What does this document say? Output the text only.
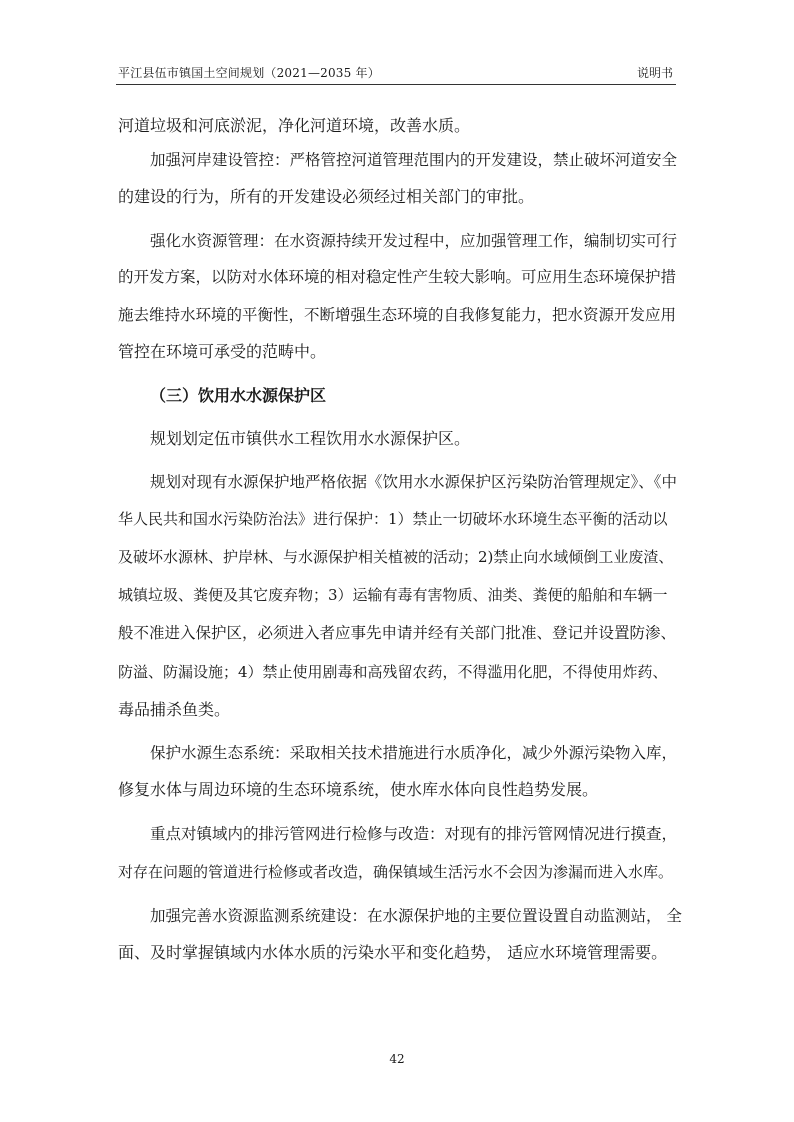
平江县伍市镇国土空间规划（2021—2035 年）	说明书
河道垃圾和河底淤泥，净化河道环境，改善水质。
加强河岸建设管控：严格管控河道管理范围内的开发建设，禁止破坏河道安全
的建设的行为，所有的开发建设必须经过相关部门的审批。
强化水资源管理：在水资源持续开发过程中，应加强管理工作，编制切实可行
的开发方案，以防对水体环境的相对稳定性产生较大影响。可应用生态环境保护措
施去维持水环境的平衡性，不断增强生态环境的自我修复能力，把水资源开发应用
管控在环境可承受的范畴中。
（三）饮用水水源保护区
规划划定伍市镇供水工程饮用水水源保护区。
规划对现有水源保护地严格依据《饮用水水源保护区污染防治管理规定》、《中
华人民共和国水污染防治法》进行保护：1）禁止一切破坏水环境生态平衡的活动以
及破坏水源林、护岸林、与水源保护相关植被的活动；2)禁止向水域倾倒工业废渣、
城镇垃圾、粪便及其它废弃物；3）运输有毒有害物质、油类、粪便的船舶和车辆一
般不准进入保护区，必须进入者应事先申请并经有关部门批准、登记并设置防渗、
防溢、防漏设施；4）禁止使用剧毒和高残留农药，不得滥用化肥，不得使用炸药、
毒品捕杀鱼类。
保护水源生态系统：采取相关技术措施进行水质净化，减少外源污染物入库，
修复水体与周边环境的生态环境系统，使水库水体向良性趋势发展。
重点对镇域内的排污管网进行检修与改造：对现有的排污管网情况进行摸查，
对存在问题的管道进行检修或者改造，确保镇域生活污水不会因为渗漏而进入水库。
加强完善水资源监测系统建设：在水源保护地的主要位置设置自动监测站， 全
面、及时掌握镇域内水体水质的污染水平和变化趋势， 适应水环境管理需要。
42
